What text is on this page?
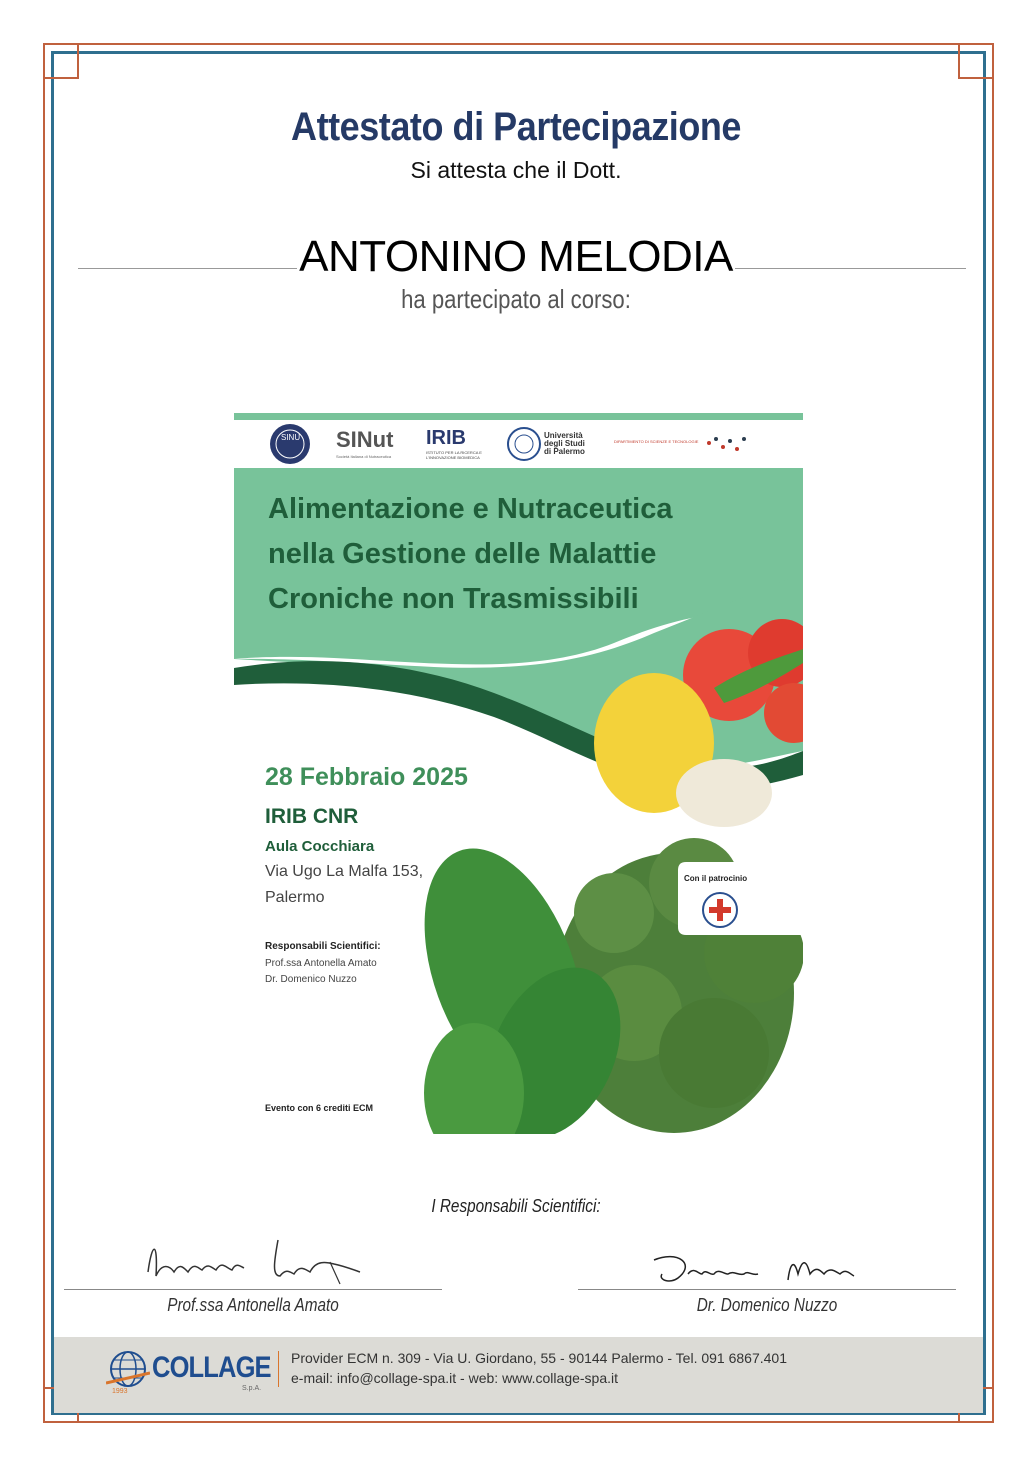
Attestato di Partecipazione
Si attesta che il Dott.
ANTONINO MELODIA
ha partecipato al corso:
SINU SINut
Società Italiana di Nutraceutica
IRIB
ISTITUTO PER LA RICERCA E L'INNOVAZIONE BIOMEDICA
Università degli Studi di Palermo
DIPARTIMENTO DI SCIENZE E TECNOLOGIE
Alimentazione e Nutraceutica
nella Gestione delle Malattie
Croniche non Trasmissibili
28 Febbraio 2025
IRIB CNR
Aula Cocchiara
Via Ugo La Malfa 153,
Palermo
Responsabili Scientifici:
Prof.ssa Antonella Amato
Dr. Domenico Nuzzo
Con il patrocinio
Evento con 6 crediti ECM
I Responsabili Scientifici:
Prof.ssa Antonella Amato	Dr. Domenico Nuzzo
1993
COLLAGE
S.p.A.
Provider ECM n. 309 - Via U. Giordano, 55 - 90144 Palermo - Tel. 091 6867.401
e-mail: info@collage-spa.it - web: www.collage-spa.it
